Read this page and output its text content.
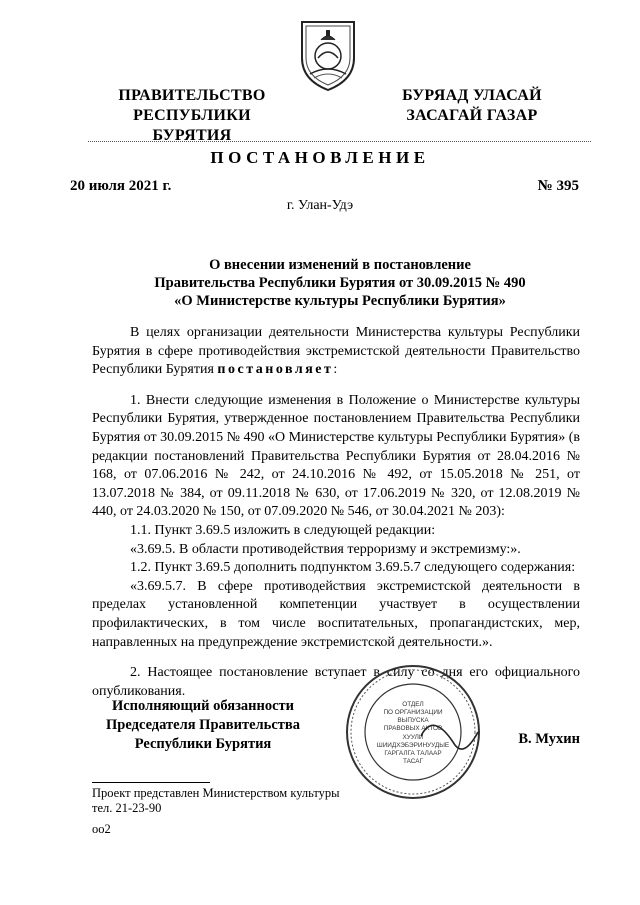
ПРАВИТЕЛЬСТВО
РЕСПУБЛИКИ БУРЯТИЯ
БУРЯАД УЛАСАЙ
ЗАСАГАЙ ГАЗАР
ПОСТАНОВЛЕНИЕ
20 июля 2021 г.	№ 395
г. Улан-Удэ
О внесении изменений в постановление
Правительства Республики Бурятия от 30.09.2015 № 490
«О Министерстве культуры Республики Бурятия»

В целях организации деятельности Министерства культуры Республики Бурятия в сфере противодействия экстремистской деятельности Правительство Республики Бурятия постановляет:

1. Внести следующие изменения в Положение о Министерстве культуры Республики Бурятия, утвержденное постановлением Правительства Республики Бурятия от 30.09.2015 № 490 «О Министерстве культуры Республики Бурятия» (в редакции постановлений Правительства Республики Бурятия от 28.04.2016 № 168, от 07.06.2016 № 242, от 24.10.2016 № 492, от 15.05.2018 № 251, от 13.07.2018 № 384, от 09.11.2018 № 630, от 17.06.2019 № 320, от 12.08.2019 № 440, от 24.03.2020 № 150, от 07.09.2020 № 546, от 30.04.2021 № 203):

1.1. Пункт 3.69.5 изложить в следующей редакции:

«3.69.5. В области противодействия терроризму и экстремизму:».

1.2. Пункт 3.69.5 дополнить подпунктом 3.69.5.7 следующего содержания:

«3.69.5.7. В сфере противодействия экстремистской деятельности в пределах установленной компетенции участвует в осуществлении профилактических, в том числе воспитательных, пропагандистских, мер, направленных на предупреждение экстремистской деятельности.».

2. Настоящее постановление вступает в силу со дня его официального опубликования.

Исполняющий обязанности
Председателя Правительства
Республики Бурятия	В. Мухин
ОТДЕЛ
ПО ОРГАНИЗАЦИИ
ВЫПУСКА
ПРАВОВЫХ АКТОВ
ХУУЛИ
ШИИДХЭБЭРИНУУДЫЕ
ГАРГАЛГА ТАЛААР
ТАСАГ
Проект представлен Министерством культуры
тел. 21-23-90
оо2
